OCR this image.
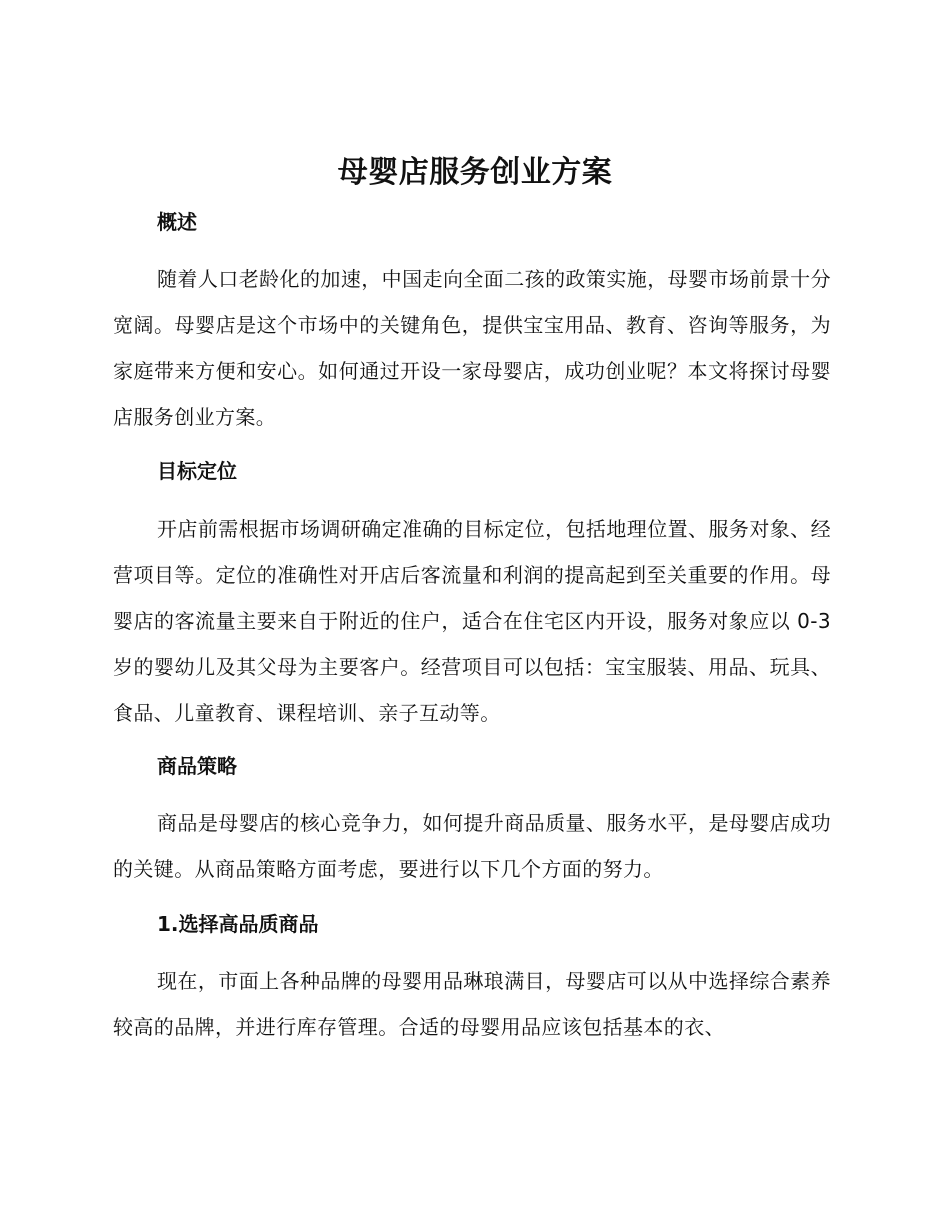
母婴店服务创业方案
概述

随着人口老龄化的加速，中国走向全面二孩的政策实施，母婴市场前景十分宽阔。母婴店是这个市场中的关键角色，提供宝宝用品、教育、咨询等服务，为家庭带来方便和安心。如何通过开设一家母婴店，成功创业呢？本文将探讨母婴店服务创业方案。

目标定位

开店前需根据市场调研确定准确的目标定位，包括地理位置、服务对象、经营项目等。定位的准确性对开店后客流量和利润的提高起到至关重要的作用。母婴店的客流量主要来自于附近的住户，适合在住宅区内开设，服务对象应以 0-3 岁的婴幼儿及其父母为主要客户。经营项目可以包括：宝宝服装、用品、玩具、食品、儿童教育、课程培训、亲子互动等。

商品策略

商品是母婴店的核心竞争力，如何提升商品质量、服务水平，是母婴店成功的关键。从商品策略方面考虑，要进行以下几个方面的努力。

1.选择高品质商品

现在，市面上各种品牌的母婴用品琳琅满目，母婴店可以从中选择综合素养较高的品牌，并进行库存管理。合适的母婴用品应该包括基本的衣、
